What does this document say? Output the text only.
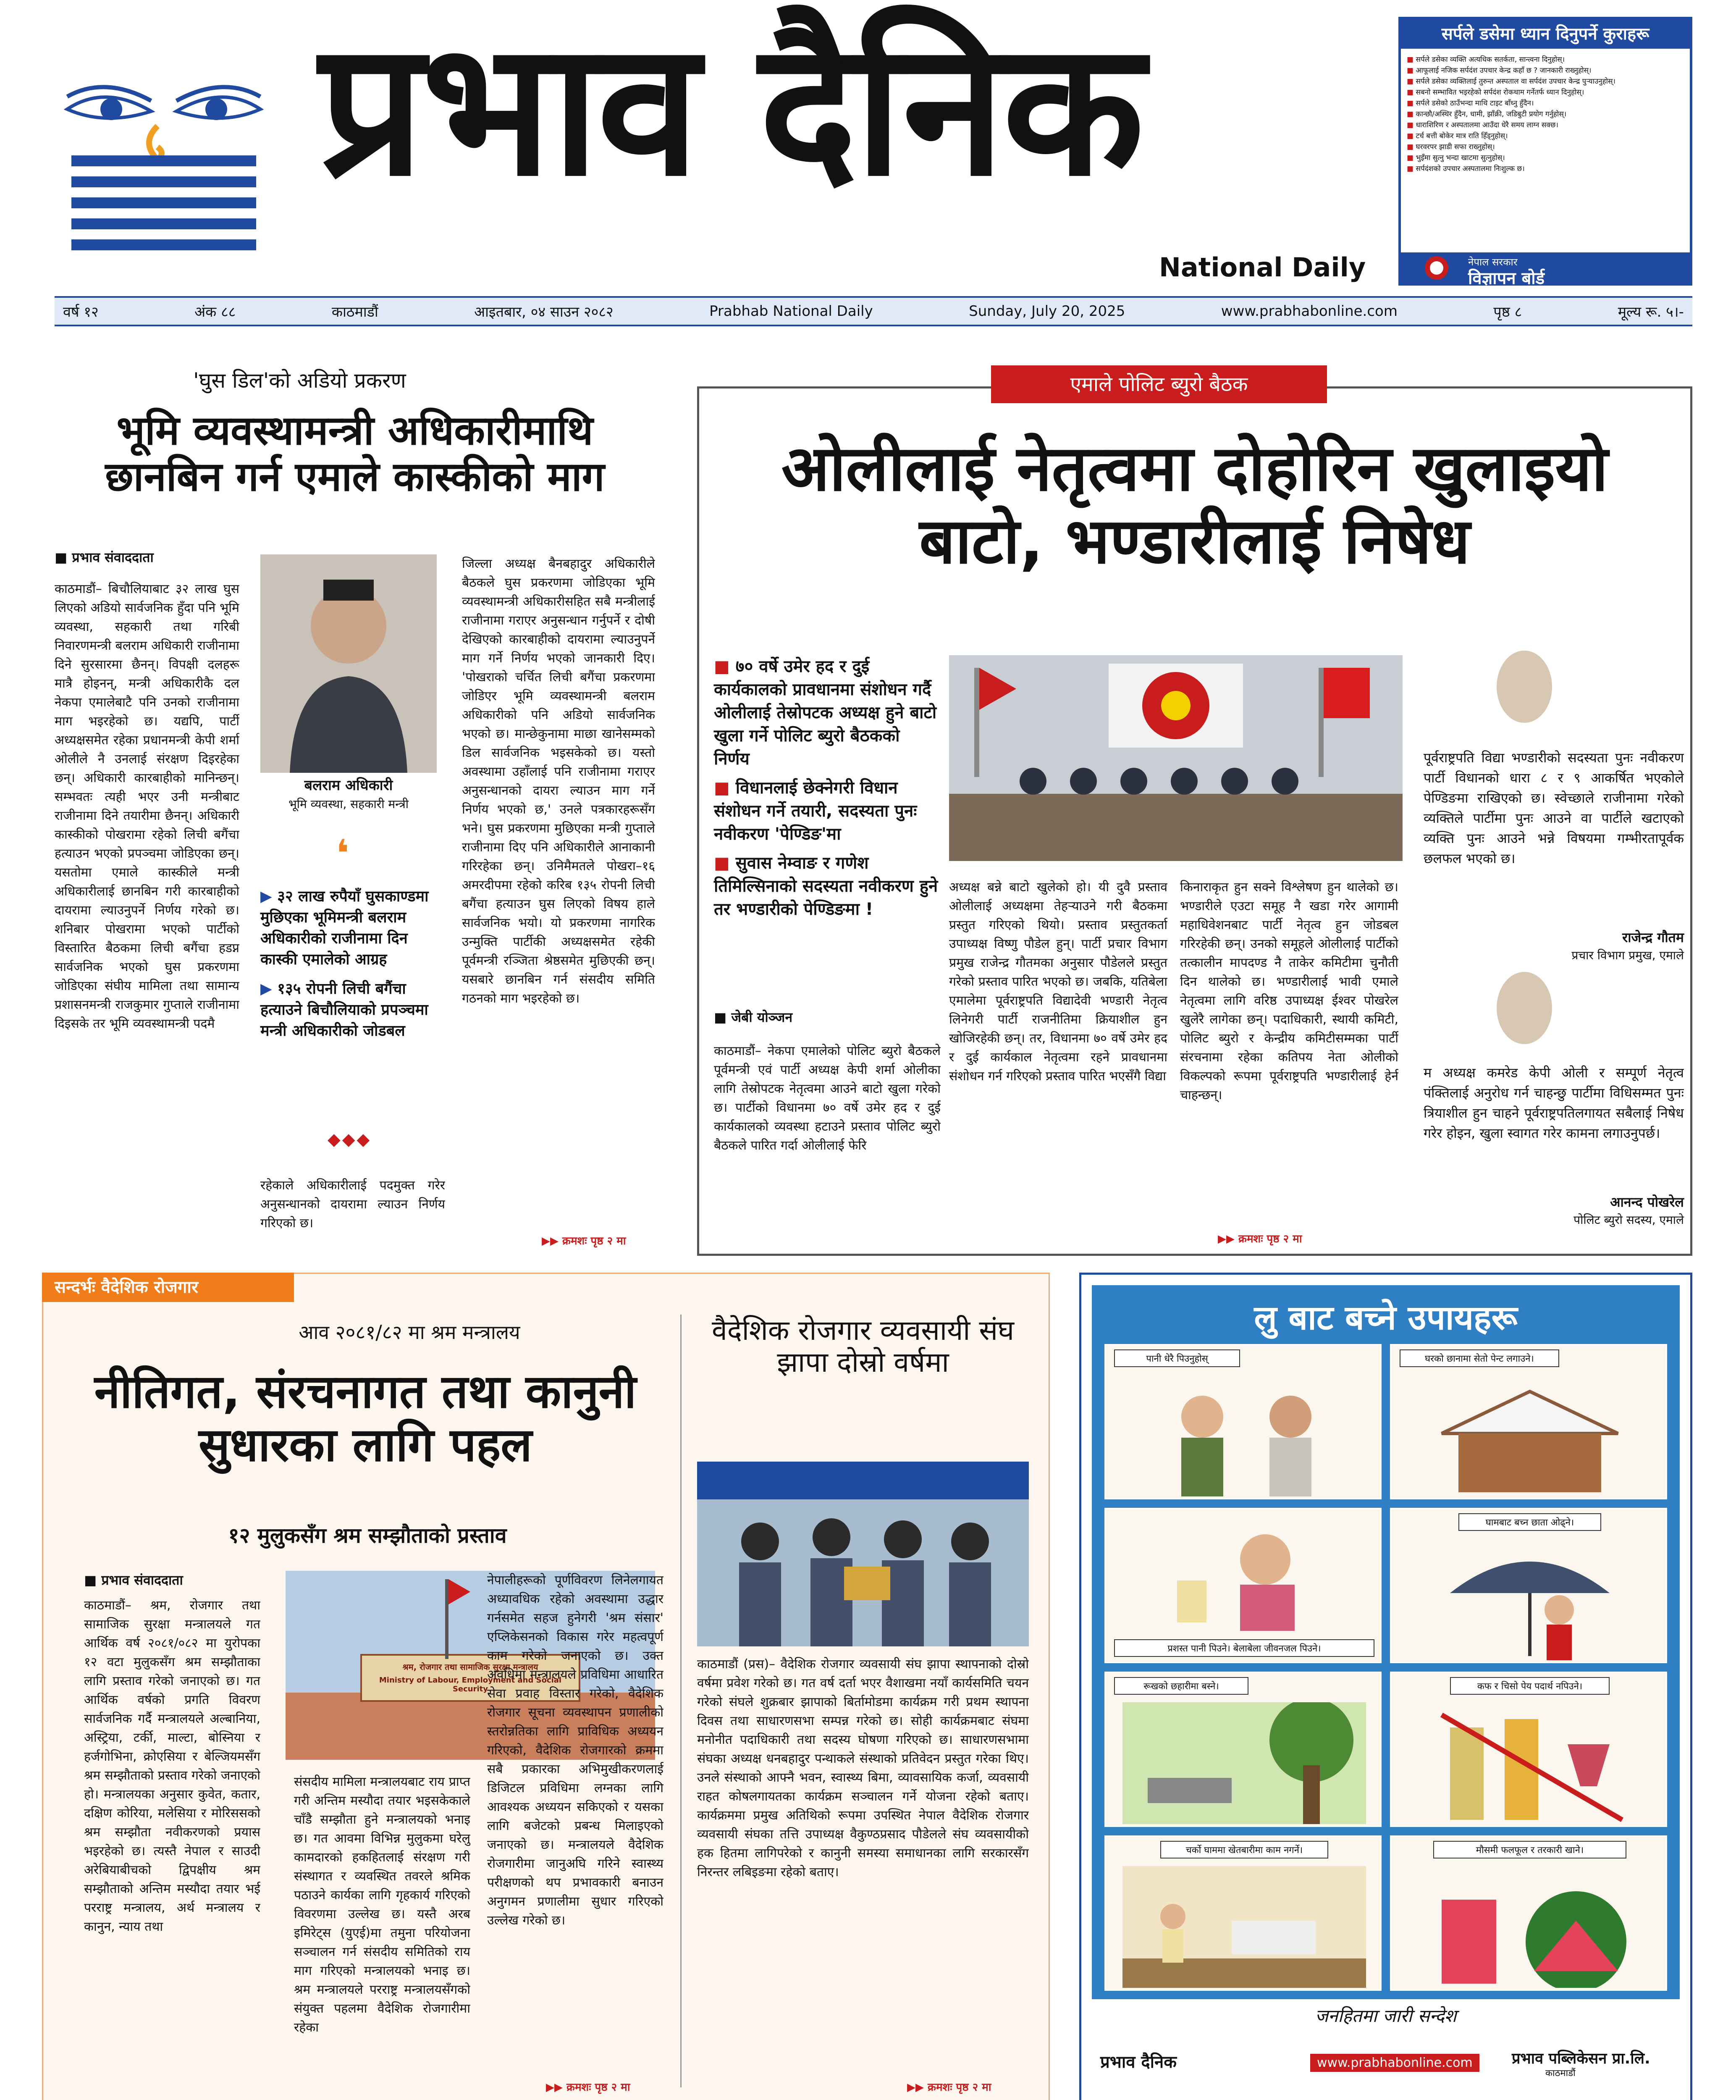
प्रभाव दैनिक
National Daily
सर्पले डसेमा ध्यान दिनुपर्ने कुराहरू
■ सर्पले डसेका व्यक्ति अत्यधिक सतर्कता, सान्त्वना दिनुहोस्।
■ आफूलाई नजिक सर्पदंश उपचार केन्द्र कहाँ छ ? जानकारी राख्नुहोस्।
■ सर्पले डसेका व्यक्तिलाई तुरुन्त अस्पताल वा सर्पदंश उपचार केन्द्र पुऱ्याउनुहोस्।
■ सबनो सम्भावित भइरहेको सर्पदंश रोकथाम गर्नेतर्फ ध्यान दिनुहोस्।
■ सर्पले डसेको ठाउँभन्दा माथि टाइट बाँध्नु हुँदैन।
■ कान्छौ/अस्थिर हुँदैन, धामी, झाँक्री, जडिबुटी प्रयोग गर्नुहोस्।
■ धाराशिरिण र अस्पतालमा आउँदा धेरै समय लाग्न सक्छ।
■ टर्च बत्ती बोकेर मात्र राति हिँड्नुहोस्।
■ घरवरपर झाडी सफा राख्नुहोस्।
■ भुइँमा सुत्नु भन्दा खाटमा सुत्नुहोस्।
■ सर्पदंशको उपचार अस्पतालमा निःशुल्क छ।
नेपाल सरकार
विज्ञापन बोर्ड
वर्ष १२	अंक ८८	काठमाडौं	आइतबार, ०४ साउन २०८२	Prabhab National Daily	Sunday, July 20, 2025	www.prabhabonline.com	पृष्ठ ८	मूल्य रू. ५।-
'घुस डिल'को अडियो प्रकरण
भूमि व्यवस्थामन्त्री अधिकारीमाथि छानबिन गर्न एमाले कास्कीको माग
■ प्रभाव संवाददाता
काठमाडौं– बिचौलियाबाट ३२ लाख घुस लिएको अडियो सार्वजनिक हुँदा पनि भूमि व्यवस्था, सहकारी तथा गरिबी निवारणमन्त्री बलराम अधिकारी राजीनामा दिने सुरसारमा छैनन्। विपक्षी दलहरू मात्रै होइनन्, मन्त्री अधिकारीकै दल नेकपा एमालेबाटै पनि उनको राजीनामा माग भइरहेको छ। यद्यपि, पार्टी अध्यक्षसमेत रहेका प्रधानमन्त्री केपी शर्मा ओलीले नै उनलाई संरक्षण दिइरहेका छन्। अधिकारी कारबाहीको मानिन्छन्। सम्भवतः त्यही भएर उनी मन्त्रीबाट राजीनामा दिने तयारीमा छैनन्। अधिकारी कास्कीको पोखरामा रहेको लिची बगैंचा हत्याउन भएको प्रपञ्चमा जोडिएका छन्। यसतोमा एमाले कास्कीले मन्त्री अधिकारीलाई छानबिन गरी कारबाहीको दायरामा ल्याउनुपर्ने निर्णय गरेको छ। शनिबार पोखरामा भएको पार्टीको विस्तारित बैठकमा लिची बगैंचा हडप्न सार्वजनिक भएको घुस प्रकरणमा जोडिएका संघीय मामिला तथा सामान्य प्रशासनमन्त्री राजकुमार गुप्ताले राजीनामा दिइसके तर भूमि व्यवस्थामन्त्री पदमै
बलराम अधिकारी
भूमि व्यवस्था, सहकारी मन्त्री
❛

▶ ३२ लाख रुपैयाँ घुसकाण्डमा मुछिएका भूमिमन्त्री बलराम अधिकारीको राजीनामा दिन कास्की एमालेको आग्रह

▶ १३५ रोपनी लिची बगैंचा हत्याउने बिचौलियाको प्रपञ्चमा मन्त्री अधिकारीको जोडबल

◆◆◆
रहेकाले अधिकारीलाई पदमुक्त गरेर अनुसन्धानको दायरामा ल्याउन निर्णय गरिएको छ।
जिल्ला अध्यक्ष बैनबहादुर अधिकारीले बैठकले घुस प्रकरणमा जोडिएका भूमि व्यवस्थामन्त्री अधिकारीसहित सबै मन्त्रीलाई राजीनामा गराएर अनुसन्धान गर्नुपर्ने र दोषी देखिएको कारबाहीको दायरामा ल्याउनुपर्ने माग गर्ने निर्णय भएको जानकारी दिए। 'पोखराको चर्चित लिची बगैंचा प्रकरणमा जोडिएर भूमि व्यवस्थामन्त्री बलराम अधिकारीको पनि अडियो सार्वजनिक भएको छ। मान्छेकुनामा माछा खानेसम्मको डिल सार्वजनिक भइसकेको छ। यस्तो अवस्थामा उहाँलाई पनि राजीनामा गराएर अनुसन्धानको दायरा ल्याउन माग गर्ने निर्णय भएको छ,' उनले पत्रकारहरूसँग भने। घुस प्रकरणमा मुछिएका मन्त्री गुप्ताले राजीनामा दिए पनि अधिकारीले आनाकानी गरिरहेका छन्। उनिमैमतले पोखरा–१६ अमरदीपमा रहेको करिब १३५ रोपनी लिची बगैंचा हत्याउन घुस लिएको विषय हाले सार्वजनिक भयो। यो प्रकरणमा नागरिक उन्मुक्ति पार्टीकी अध्यक्षसमेत रहेकी पूर्वमन्त्री रञ्जिता श्रेष्ठसमेत मुछिएकी छन्। यसबारे छानबिन गर्न संसदीय समिति गठनको माग भइरहेको छ।
▶▶ क्रमशः पृष्ठ २ मा
एमाले पोलिट ब्युरो बैठक
ओलीलाई नेतृत्वमा दोहोरिन खुलाइयो बाटो, भण्डारीलाई निषेध

■ ७० वर्षे उमेर हद र दुई कार्यकालको प्रावधानमा संशोधन गर्दै ओलीलाई तेस्रोपटक अध्यक्ष हुने बाटो खुला गर्ने पोलिट ब्युरो बैठकको निर्णय

■ विधानलाई छेक्नेगरी विधान संशोधन गर्ने तयारी, सदस्यता पुनः नवीकरण 'पेण्डिङ'मा

■ सुवास नेम्वाङ र गणेश तिमिल्सिनाको सदस्यता नवीकरण हुने तर भण्डारीको पेण्डिङमा !

■ जेबी योञ्जन
काठमाडौं– नेकपा एमालेको पोलिट ब्युरो बैठकले पूर्वमन्त्री एवं पार्टी अध्यक्ष केपी शर्मा ओलीका लागि तेस्रोपटक नेतृत्वमा आउने बाटो खुला गरेको छ। पार्टीको विधानमा ७० वर्षे उमेर हद र दुई कार्यकालको व्यवस्था हटाउने प्रस्ताव पोलिट ब्युरो बैठकले पारित गर्दा ओलीलाई फेरि
अध्यक्ष बन्ने बाटो खुलेको हो। यी दुवै प्रस्ताव ओलीलाई अध्यक्षमा तेहऱ्याउने गरी बैठकमा प्रस्तुत गरिएको थियो। प्रस्ताव प्रस्तुतकर्ता उपाध्यक्ष विष्णु पौडेल हुन्। पार्टी प्रचार विभाग प्रमुख राजेन्द्र गौतमका अनुसार पौडेलले प्रस्तुत गरेको प्रस्ताव पारित भएको छ। जबकि, यतिबेला एमालेमा पूर्वराष्ट्रपति विद्यादेवी भण्डारी नेतृत्व लिनेगरी पार्टी राजनीतिमा क्रियाशील हुन खोजिरहेकी छन्। तर, विधानमा ७० वर्षे उमेर हद र दुई कार्यकाल नेतृत्वमा रहने प्रावधानमा संशोधन गर्न गरिएको प्रस्ताव पारित भएसँगै विद्या
किनाराकृत हुन सक्ने विश्लेषण हुन थालेको छ। भण्डारीले एउटा समूह नै खडा गरेर आगामी महाधिवेशनबाट पार्टी नेतृत्व हुन जोडबल गरिरहेकी छन्। उनको समूहले ओलीलाई पार्टीको तत्कालीन मापदण्ड नै ताकेर कमिटीमा चुनौती दिन थालेको छ। भण्डारीलाई भावी एमाले नेतृत्वमा लागि वरिष्ठ उपाध्यक्ष ईश्वर पोखरेल खुलेरै लागेका छन्। पदाधिकारी, स्थायी कमिटी, पोलिट ब्युरो र केन्द्रीय कमिटीसम्मका पार्टी संरचनामा रहेका कतिपय नेता ओलीको विकल्पको रूपमा पूर्वराष्ट्रपति भण्डारीलाई हेर्न चाहन्छन्।
▶▶ क्रमशः पृष्ठ २ मा
पूर्वराष्ट्रपति विद्या भण्डारीको सदस्यता पुनः नवीकरण पार्टी विधानको धारा ८ र ९ आकर्षित भएकोले पेण्डिङमा राखिएको छ। स्वेच्छाले राजीनामा गरेको व्यक्तिले पार्टीमा पुनः आउने वा पार्टीले खटाएको व्यक्ति पुनः आउने भन्ने विषयमा गम्भीरतापूर्वक छलफल भएको छ।
राजेन्द्र गौतम
प्रचार विभाग प्रमुख, एमाले
म अध्यक्ष कमरेड केपी ओली र सम्पूर्ण नेतृत्व पंक्तिलाई अनुरोध गर्न चाहन्छु पार्टीमा विधिसम्मत पुनः त्रियाशील हुन चाहने पूर्वराष्ट्रपतिलगायत सबैलाई निषेध गरेर होइन, खुला स्वागत गरेर कामना लगाउनुपर्छ।
आनन्द पोखरेल
पोलिट ब्युरो सदस्य, एमाले
सन्दर्भः वैदेशिक रोजगार
आव २०८१/८२ मा श्रम मन्त्रालय
नीतिगत, संरचनागत तथा कानुनी सुधारका लागि पहल
१२ मुलुकसँग श्रम सम्झौताको प्रस्ताव
■ प्रभाव संवाददाता
काठमाडौं– श्रम, रोजगार तथा सामाजिक सुरक्षा मन्त्रालयले गत आर्थिक वर्ष २०८१/०८२ मा युरोपका १२ वटा मुलुकसँग श्रम सम्झौताका लागि प्रस्ताव गरेको जनाएको छ। गत आर्थिक वर्षको प्रगति विवरण सार्वजनिक गर्दै मन्त्रालयले अल्बानिया, अस्ट्रिया, टर्की, माल्टा, बोस्निया र हर्जगोभिना, क्रोएसिया र बेल्जियमसँग श्रम सम्झौताको प्रस्ताव गरेको जनाएको हो। मन्त्रालयका अनुसार कुवेत, कतार, दक्षिण कोरिया, मलेसिया र मोरिससको श्रम सम्झौता नवीकरणको प्रयास भइरहेको छ। त्यस्तै नेपाल र साउदी अरेबियाबीचको द्विपक्षीय श्रम सम्झौताको अन्तिम मस्यौदा तयार भई परराष्ट्र मन्त्रालय, अर्थ मन्त्रालय र कानुन, न्याय तथा
श्रम, रोजगार तथा सामाजिक सुरक्षा मन्त्रालय
Ministry of Labour, Employment and Social Security
संसदीय मामिला मन्त्रालयबाट राय प्राप्त गरी अन्तिम मस्यौदा तयार भइसकेकाले चाँडै सम्झौता हुने मन्त्रालयको भनाइ छ। गत आवमा विभिन्न मुलुकमा घरेलु कामदारको हकहितलाई संरक्षण गरी संस्थागत र व्यवस्थित तवरले श्रमिक पठाउने कार्यका लागि गृहकार्य गरिएको विवरणमा उल्लेख छ। यस्तै अरब इमिरेट्स (युएई)मा तमुना परियोजना सञ्चालन गर्न संसदीय समितिको राय माग गरिएको मन्त्रालयको भनाइ छ। श्रम मन्त्रालयले परराष्ट्र मन्त्रालयसँगको संयुक्त पहलमा वैदेशिक रोजगारीमा रहेका
नेपालीहरूको पूर्णविवरण लिनेलगायत अध्यावधिक रहेको अवस्थामा उद्धार गर्नसमेत सहज हुनेगरी 'श्रम संसार' एप्लिकेसनको विकास गरेर महत्वपूर्ण काम गरेको जनाएको छ। उक्त अवधिमा मन्त्रालयले प्रविधिमा आधारित सेवा प्रवाह विस्तार गरेको, वैदेशिक रोजगार सूचना व्यवस्थापन प्रणालीको स्तरोन्नतिका लागि प्राविधिक अध्ययन गरिएको, वैदेशिक रोजगारको क्रममा सबै प्रकारका अभिमुखीकरणलाई डिजिटल प्रविधिमा लग्नका लागि आवश्यक अध्ययन सकिएको र यसका लागि बजेटको प्रबन्ध मिलाइएको जनाएको छ। मन्त्रालयले वैदेशिक रोजगारीमा जानुअघि गरिने स्वास्थ्य परीक्षणको थप प्रभावकारी बनाउन अनुगमन प्रणालीमा सुधार गरिएको उल्लेख गरेको छ।
▶▶ क्रमशः पृष्ठ २ मा
वैदेशिक रोजगार व्यवसायी संघ झापा दोस्रो वर्षमा
काठमाडौं (प्रस)– वैदेशिक रोजगार व्यवसायी संघ झापा स्थापनाको दोस्रो वर्षमा प्रवेश गरेको छ। गत वर्ष दर्ता भएर वैशाखमा नयाँ कार्यसमिति चयन गरेको संघले शुक्रबार झापाको बिर्तामोडमा कार्यक्रम गरी प्रथम स्थापना दिवस तथा साधारणसभा सम्पन्न गरेको छ। सोही कार्यक्रमबाट संघमा मनोनीत पदाधिकारी तथा सदस्य घोषणा गरिएको छ। साधारणसभामा संघका अध्यक्ष धनबहादुर पन्थाकले संस्थाको प्रतिवेदन प्रस्तुत गरेका थिए। उनले संस्थाको आफ्नै भवन, स्वास्थ्य बिमा, व्यावसायिक कर्जा, व्यवसायी राहत कोषलगायतका कार्यक्रम सञ्चालन गर्ने योजना रहेको बताए। कार्यक्रममा प्रमुख अतिथिको रूपमा उपस्थित नेपाल वैदेशिक रोजगार व्यवसायी संघका तत्ति उपाध्यक्ष वैकुण्ठप्रसाद पौडेलले संघ व्यवसायीको हक हितमा लागिपरेको र कानुनी समस्या समाधानका लागि सरकारसँग निरन्तर लबिइङमा रहेको बताए।
▶▶ क्रमशः पृष्ठ २ मा
लु बाट बच्ने उपायहरू
पानी धेरै पिउनुहोस्	घरको छानामा सेतो पेन्ट लगाउने।
प्रशस्त पानी पिउने। बेलाबेला जीवनजल पिउने।
घामबाट बच्न छाता ओढ्ने।
रूखको छहारीमा बस्ने।	कफ र चिसो पेय पदार्थ नपिउने।
चर्को घाममा खेतबारीमा काम नगर्ने।	मौसमी फलफूल र तरकारी खाने।
जनहितमा जारी सन्देश
प्रभाव दैनिक	www.prabhabonline.com	प्रभाव पब्लिकेसन प्रा.लि.
काठमाडौं
